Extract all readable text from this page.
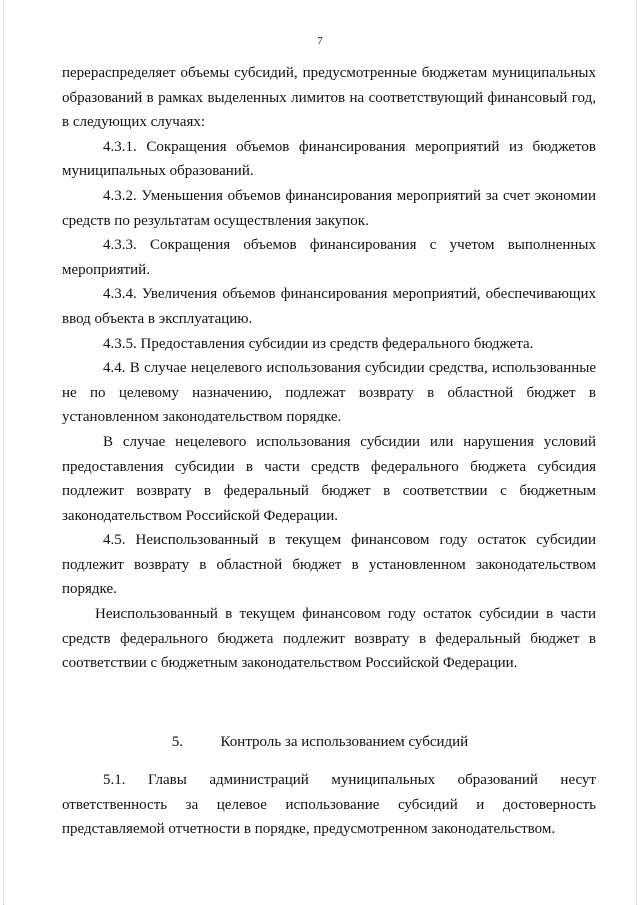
7

перераспределяет объемы субсидий, предусмотренные бюджетам муниципальных образований в рамках выделенных лимитов на соответствующий финансовый год, в следующих случаях:

4.3.1. Сокращения объемов финансирования мероприятий из бюджетов муниципальных образований.

4.3.2. Уменьшения объемов финансирования мероприятий за счет экономии средств по результатам осуществления закупок.

4.3.3. Сокращения объемов финансирования с учетом выполненных мероприятий.

4.3.4. Увеличения объемов финансирования мероприятий, обеспечивающих ввод объекта в эксплуатацию.

4.3.5. Предоставления субсидии из средств федерального бюджета.

4.4. В случае нецелевого использования субсидии средства, использованные не по целевому назначению, подлежат возврату в областной бюджет в установленном законодательством порядке.

В случае нецелевого использования субсидии или нарушения условий предоставления субсидии в части средств федерального бюджета субсидия подлежит возврату в федеральный бюджет в соответствии с бюджетным законодательством Российской Федерации.

4.5. Неиспользованный в текущем финансовом году остаток субсидии подлежит возврату в областной бюджет в установленном законодательством порядке.

Неиспользованный в текущем финансовом году остаток субсидии в части средств федерального бюджета подлежит возврату в федеральный бюджет в соответствии с бюджетным законодательством Российской Федерации.

5.	Контроль за использованием субсидий

5.1. Главы администраций муниципальных образований несут ответственность за целевое использование субсидий и достоверность представляемой отчетности в порядке, предусмотренном законодательством.
